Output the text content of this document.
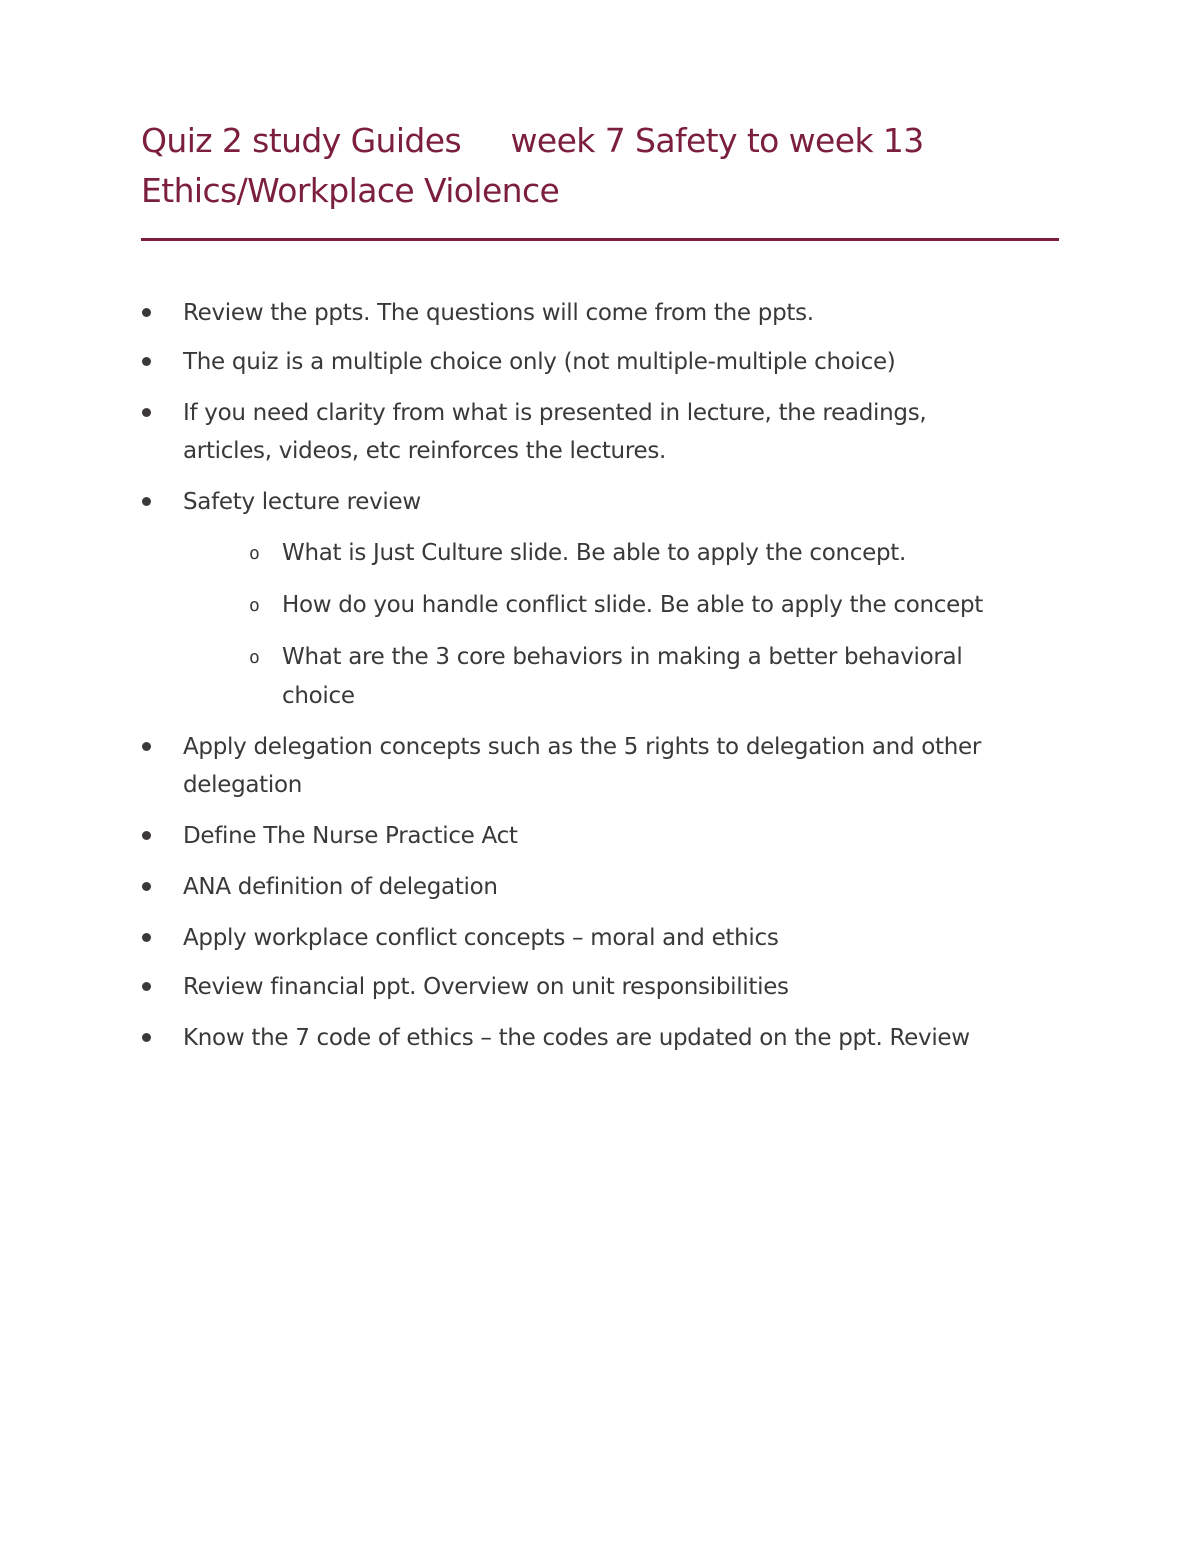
Quiz 2 study Guides     week 7 Safety to week 13
Ethics/Workplace Violence
Review the ppts. The questions will come from the ppts.
The quiz is a multiple choice only (not multiple-multiple choice)
If you need clarity from what is presented in lecture, the readings,
articles, videos, etc reinforces the lectures.
Safety lecture review
o What is Just Culture slide. Be able to apply the concept.
o How do you handle conflict slide. Be able to apply the concept
o What are the 3 core behaviors in making a better behavioral
choice
Apply delegation concepts such as the 5 rights to delegation and other
delegation
Define The Nurse Practice Act
ANA definition of delegation
Apply workplace conflict concepts – moral and ethics
Review financial ppt. Overview on unit responsibilities
Know the 7 code of ethics – the codes are updated on the ppt. Review
